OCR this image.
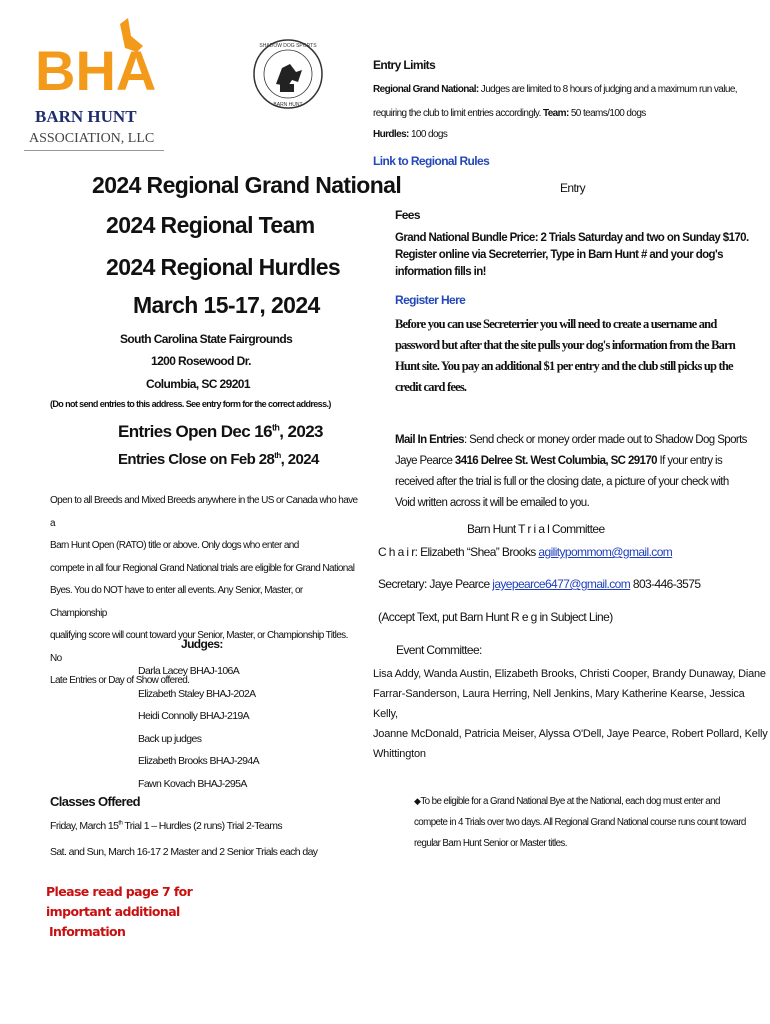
BHA
BARN HUNT
ASSOCIATION, LLC
SHADOW DOG SPORTS
BARN HUNT
2024 Regional Grand National
2024 Regional Team
2024 Regional Hurdles
March 15-17, 2024
South Carolina State Fairgrounds
1200 Rosewood Dr.
Columbia, SC 29201
(Do not send entries to this address. See entry form for the correct address.)
Entries Open Dec 16th, 2023
Entries Close on Feb 28th, 2024

Open to all Breeds and Mixed Breeds anywhere in the US or Canada who have a

Barn Hunt Open (RATO) title or above. Only dogs who enter and

compete in all four Regional Grand National trials are eligible for Grand National

Byes. You do NOT have to enter all events. Any Senior, Master, or Championship

qualifying score will count toward your Senior, Master, or Championship Titles. No

Late Entries or Day of Show offered.

Judges:

Darla Lacey BHAJ-106A

Elizabeth Staley BHAJ-202A

Heidi Connolly BHAJ-219A

Back up judges

Elizabeth Brooks BHAJ-294A

Fawn Kovach BHAJ-295A

Classes Offered
Friday, March 15th Trial 1 – Hurdles (2 runs) Trial 2-Teams
Sat. and Sun, March 16-17 2 Master and 2 Senior Trials each day

Please read page 7 for

important additional

Information

Entry Limits
Regional Grand National: Judges are limited to 8 hours of judging and a maximum run value,
requiring the club to limit entries accordingly. Team: 50 teams/100 dogs
Hurdles: 100 dogs
Link to Regional Rules
Entry
Fees

Grand National Bundle Price: 2 Trials Saturday and two on Sunday $170.

Register online via Secreterrier, Type in Barn Hunt # and your dog's

information fills in!

Register Here

Before you can use Secreterrier you will need to create a username and

password but after that the site pulls your dog's information from the Barn

Hunt site. You pay an additional $1 per entry and the club still picks up the

credit card fees.

Mail In Entries: Send check or money order made out to Shadow Dog Sports

Jaye Pearce 3416 Delree St. West Columbia, SC 29170 If your entry is

received after the trial is full or the closing date, a picture of your check with

Void written across it will be emailed to you.

Barn Hunt T r i a l Committee
C h a i r: Elizabeth “Shea” Brooks agilitypommom@gmail.com
Secretary: Jaye Pearce jayepearce6477@gmail.com 803-446-3575
(Accept Text, put Barn Hunt R e g in Subject Line)
Event Committee:

Lisa Addy, Wanda Austin, Elizabeth Brooks, Christi Cooper, Brandy Dunaway, Diane

Farrar-Sanderson, Laura Herring, Nell Jenkins, Mary Katherine Kearse, Jessica Kelly,

Joanne McDonald, Patricia Meiser, Alyssa O'Dell, Jaye Pearce, Robert Pollard, Kelly

Whittington

◆To be eligible for a Grand National Bye at the National, each dog must enter and

compete in 4 Trials over two days. All Regional Grand National course runs count toward

regular Barn Hunt Senior or Master titles.
